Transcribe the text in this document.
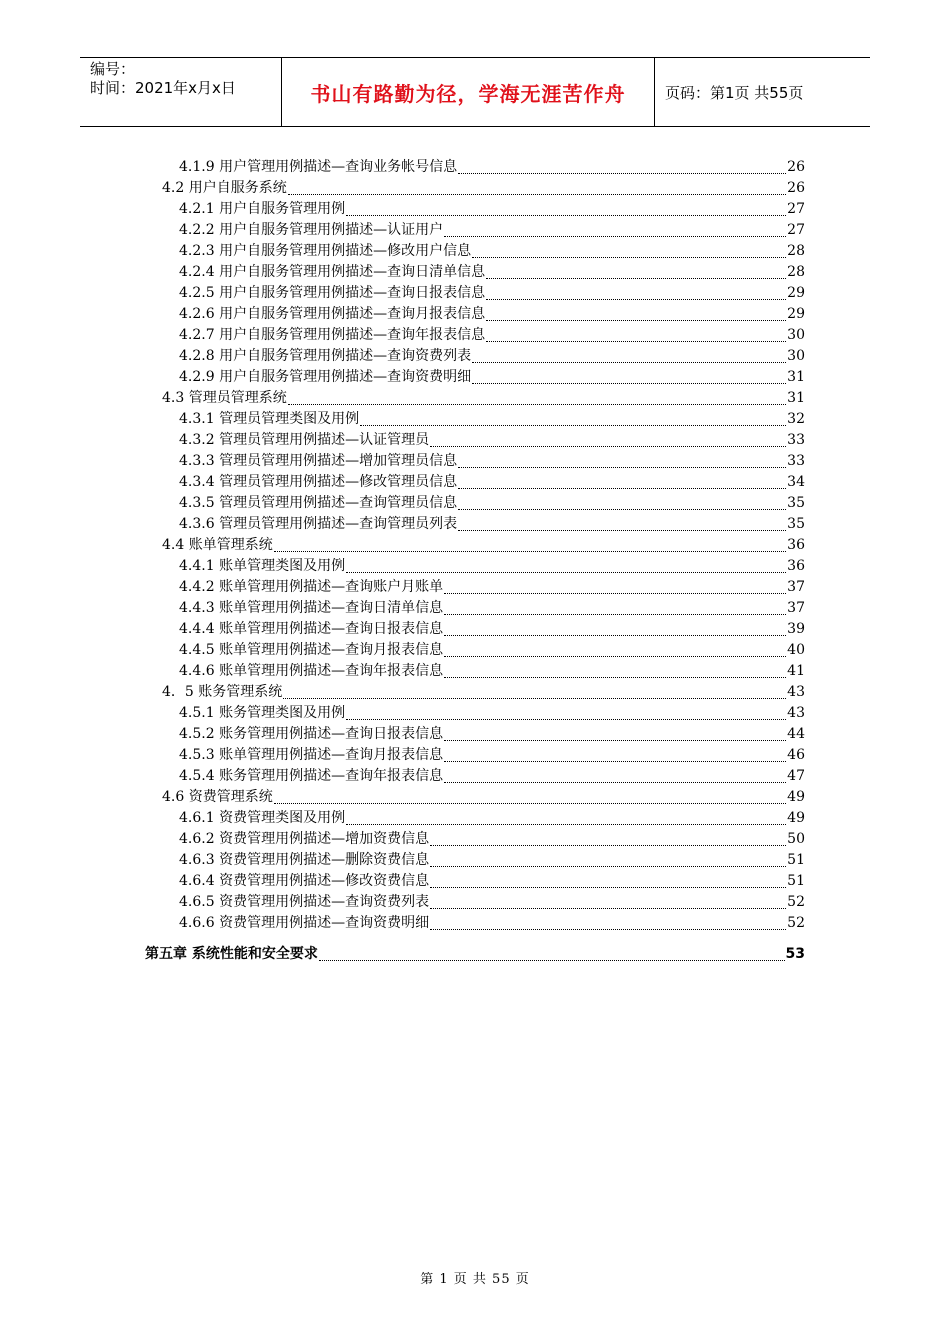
编号：
时间：2021年x月x日	书山有路勤为径，学海无涯苦作舟	页码：第1页 共55页
4.1.9 用户管理用例描述—查询业务帐号信息	26
4.2 用户自服务系统	26
4.2.1 用户自服务管理用例	27
4.2.2 用户自服务管理用例描述—认证用户	27
4.2.3 用户自服务管理用例描述—修改用户信息	28
4.2.4 用户自服务管理用例描述—查询日清单信息	28
4.2.5 用户自服务管理用例描述—查询日报表信息	29
4.2.6 用户自服务管理用例描述—查询月报表信息	29
4.2.7 用户自服务管理用例描述—查询年报表信息	30
4.2.8 用户自服务管理用例描述—查询资费列表	30
4.2.9 用户自服务管理用例描述—查询资费明细	31
4.3 管理员管理系统	31
4.3.1 管理员管理类图及用例	32
4.3.2 管理员管理用例描述—认证管理员	33
4.3.3 管理员管理用例描述—增加管理员信息	33
4.3.4 管理员管理用例描述—修改管理员信息	34
4.3.5 管理员管理用例描述—查询管理员信息	35
4.3.6 管理员管理用例描述—查询管理员列表	35
4.4 账单管理系统	36
4.4.1 账单管理类图及用例	36
4.4.2 账单管理用例描述—查询账户月账单	37
4.4.3 账单管理用例描述—查询日清单信息	37
4.4.4 账单管理用例描述—查询日报表信息	39
4.4.5 账单管理用例描述—查询月报表信息	40
4.4.6 账单管理用例描述—查询年报表信息	41
4．5 账务管理系统	43
4.5.1 账务管理类图及用例	43
4.5.2 账务管理用例描述—查询日报表信息	44
4.5.3 账单管理用例描述—查询月报表信息	46
4.5.4 账务管理用例描述—查询年报表信息	47
4.6 资费管理系统	49
4.6.1 资费管理类图及用例	49
4.6.2 资费管理用例描述—增加资费信息	50
4.6.3 资费管理用例描述—删除资费信息	51
4.6.4 资费管理用例描述—修改资费信息	51
4.6.5 资费管理用例描述—查询资费列表	52
4.6.6 资费管理用例描述—查询资费明细	52
第五章 系统性能和安全要求	53
第 1 页 共 55 页
